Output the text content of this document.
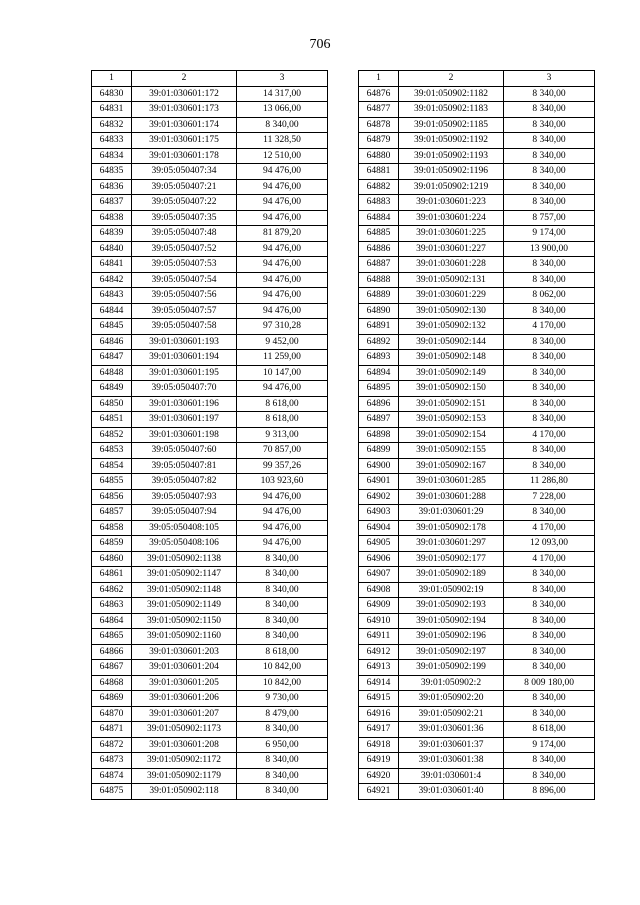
706
1	2	3
64830	39:01:030601:172	14 317,00
64831	39:01:030601:173	13 066,00
64832	39:01:030601:174	8 340,00
64833	39:01:030601:175	11 328,50
64834	39:01:030601:178	12 510,00
64835	39:05:050407:34	94 476,00
64836	39:05:050407:21	94 476,00
64837	39:05:050407:22	94 476,00
64838	39:05:050407:35	94 476,00
64839	39:05:050407:48	81 879,20
64840	39:05:050407:52	94 476,00
64841	39:05:050407:53	94 476,00
64842	39:05:050407:54	94 476,00
64843	39:05:050407:56	94 476,00
64844	39:05:050407:57	94 476,00
64845	39:05:050407:58	97 310,28
64846	39:01:030601:193	9 452,00
64847	39:01:030601:194	11 259,00
64848	39:01:030601:195	10 147,00
64849	39:05:050407:70	94 476,00
64850	39:01:030601:196	8 618,00
64851	39:01:030601:197	8 618,00
64852	39:01:030601:198	9 313,00
64853	39:05:050407:60	70 857,00
64854	39:05:050407:81	99 357,26
64855	39:05:050407:82	103 923,60
64856	39:05:050407:93	94 476,00
64857	39:05:050407:94	94 476,00
64858	39:05:050408:105	94 476,00
64859	39:05:050408:106	94 476,00
64860	39:01:050902:1138	8 340,00
64861	39:01:050902:1147	8 340,00
64862	39:01:050902:1148	8 340,00
64863	39:01:050902:1149	8 340,00
64864	39:01:050902:1150	8 340,00
64865	39:01:050902:1160	8 340,00
64866	39:01:030601:203	8 618,00
64867	39:01:030601:204	10 842,00
64868	39:01:030601:205	10 842,00
64869	39:01:030601:206	9 730,00
64870	39:01:030601:207	8 479,00
64871	39:01:050902:1173	8 340,00
64872	39:01:030601:208	6 950,00
64873	39:01:050902:1172	8 340,00
64874	39:01:050902:1179	8 340,00
64875	39:01:050902:118	8 340,00
1	2	3
64876	39:01:050902:1182	8 340,00
64877	39:01:050902:1183	8 340,00
64878	39:01:050902:1185	8 340,00
64879	39:01:050902:1192	8 340,00
64880	39:01:050902:1193	8 340,00
64881	39:01:050902:1196	8 340,00
64882	39:01:050902:1219	8 340,00
64883	39:01:030601:223	8 340,00
64884	39:01:030601:224	8 757,00
64885	39:01:030601:225	9 174,00
64886	39:01:030601:227	13 900,00
64887	39:01:030601:228	8 340,00
64888	39:01:050902:131	8 340,00
64889	39:01:030601:229	8 062,00
64890	39:01:050902:130	8 340,00
64891	39:01:050902:132	4 170,00
64892	39:01:050902:144	8 340,00
64893	39:01:050902:148	8 340,00
64894	39:01:050902:149	8 340,00
64895	39:01:050902:150	8 340,00
64896	39:01:050902:151	8 340,00
64897	39:01:050902:153	8 340,00
64898	39:01:050902:154	4 170,00
64899	39:01:050902:155	8 340,00
64900	39:01:050902:167	8 340,00
64901	39:01:030601:285	11 286,80
64902	39:01:030601:288	7 228,00
64903	39:01:030601:29	8 340,00
64904	39:01:050902:178	4 170,00
64905	39:01:030601:297	12 093,00
64906	39:01:050902:177	4 170,00
64907	39:01:050902:189	8 340,00
64908	39:01:050902:19	8 340,00
64909	39:01:050902:193	8 340,00
64910	39:01:050902:194	8 340,00
64911	39:01:050902:196	8 340,00
64912	39:01:050902:197	8 340,00
64913	39:01:050902:199	8 340,00
64914	39:01:050902:2	8 009 180,00
64915	39:01:050902:20	8 340,00
64916	39:01:050902:21	8 340,00
64917	39:01:030601:36	8 618,00
64918	39:01:030601:37	9 174,00
64919	39:01:030601:38	8 340,00
64920	39:01:030601:4	8 340,00
64921	39:01:030601:40	8 896,00
